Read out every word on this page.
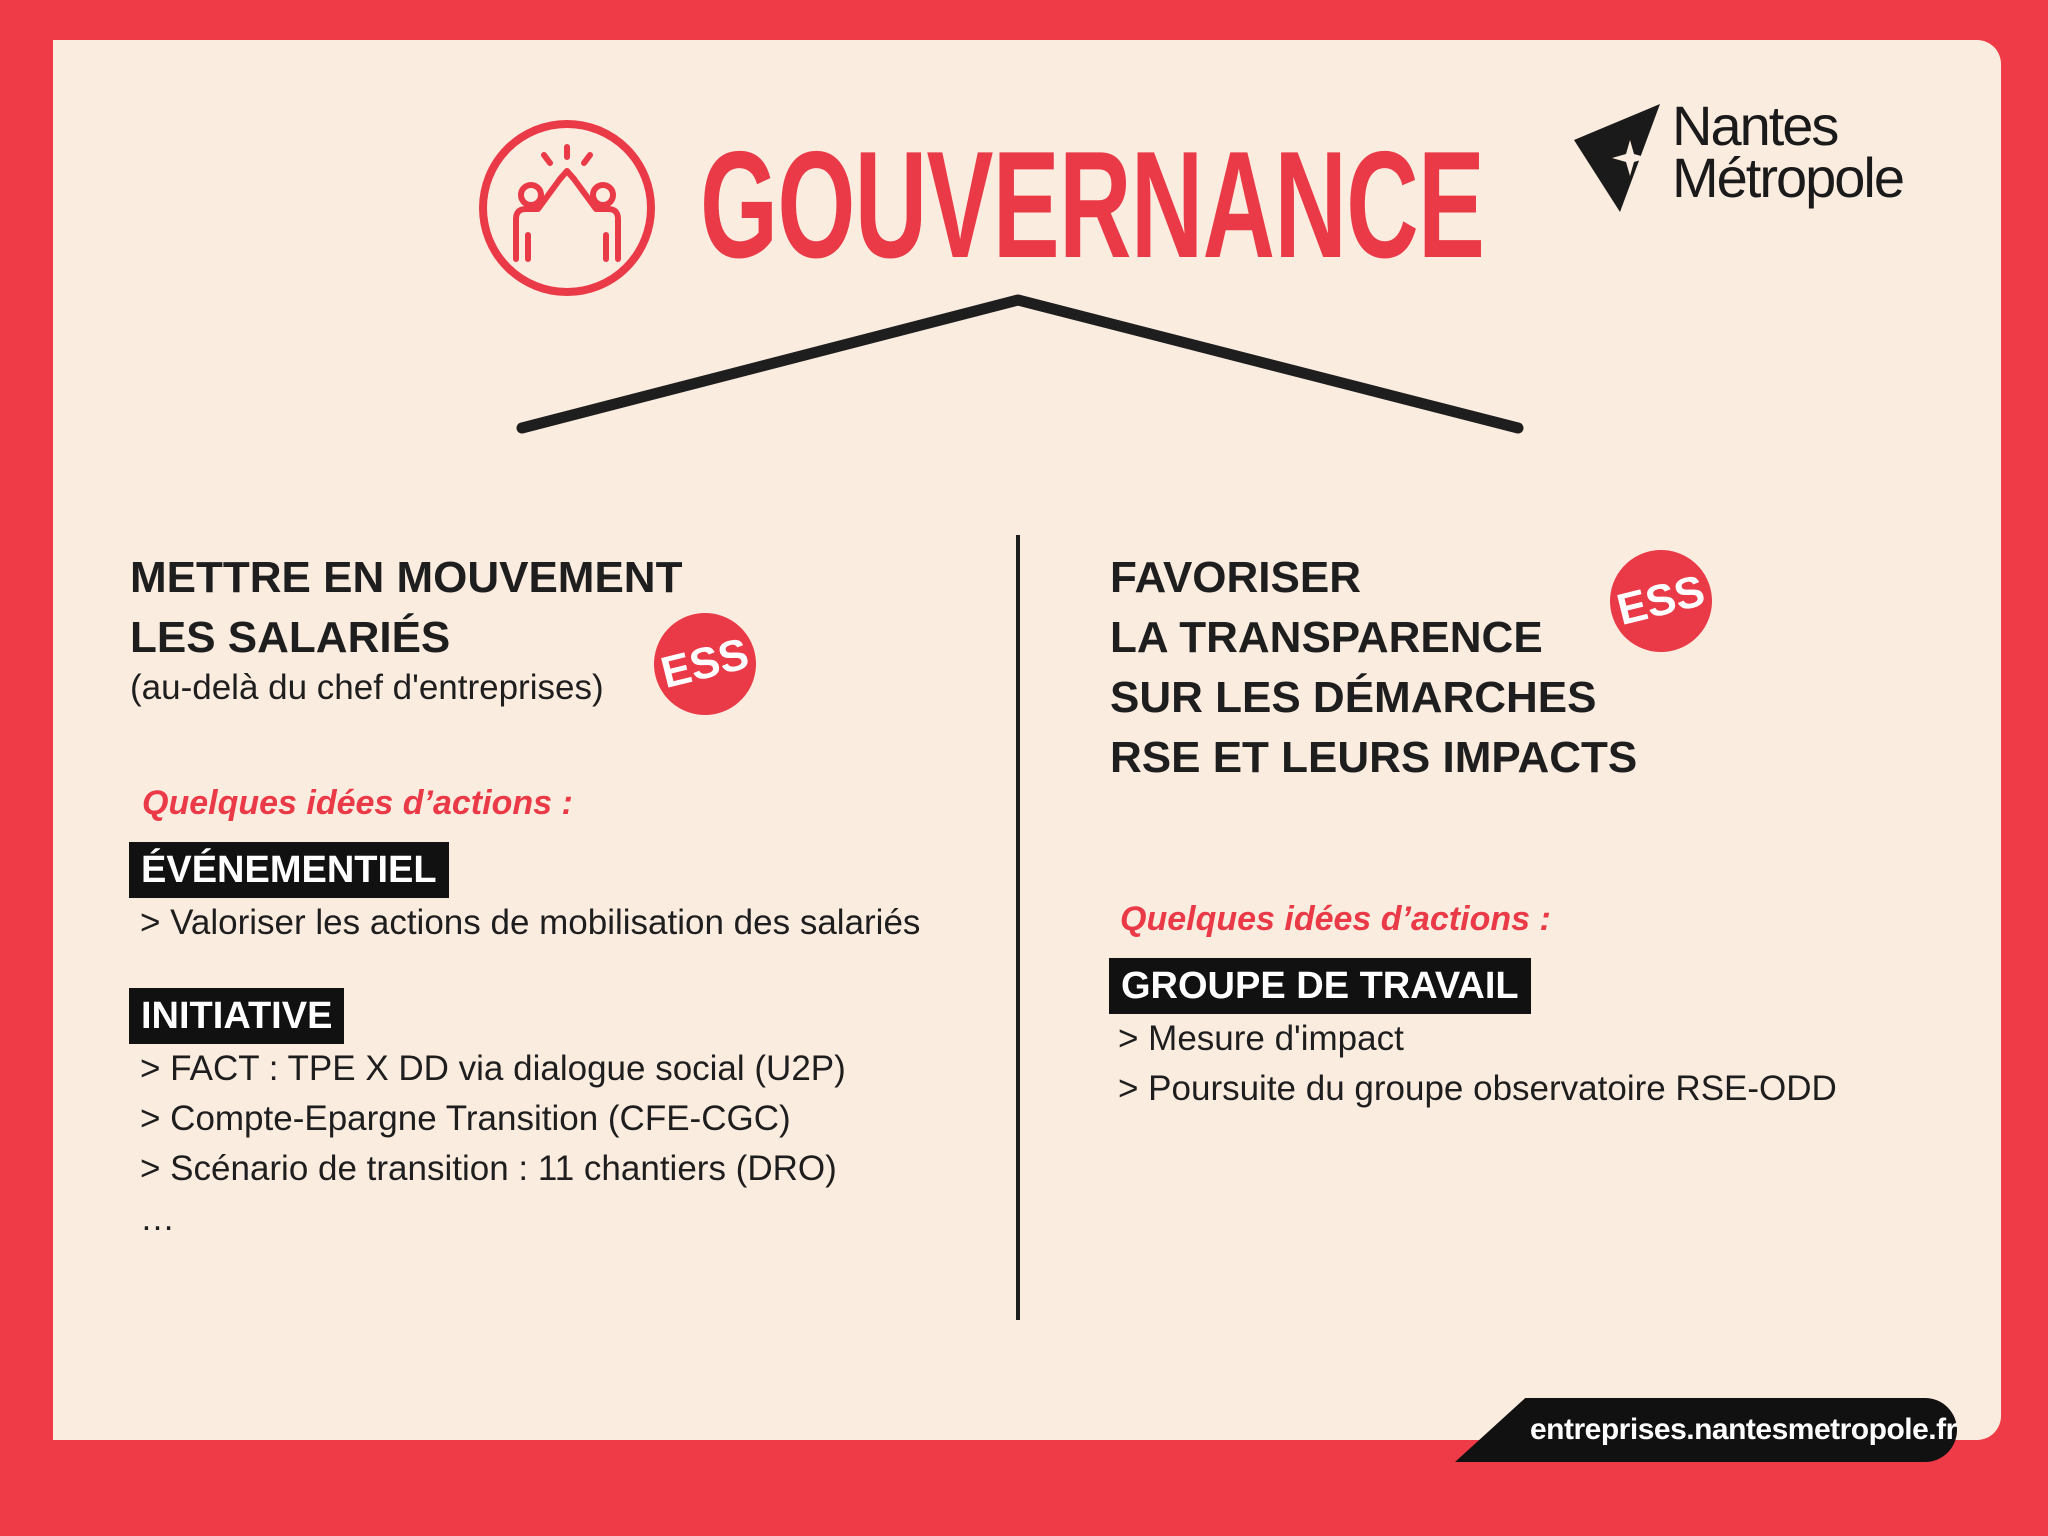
GOUVERNANCE	Nantes
Métropole
METTRE EN MOUVEMENT
LES SALARIÉS
(au-delà du chef d'entreprises) ESS
Quelques idées d’actions :
ÉVÉNEMENTIEL
> Valoriser les actions de mobilisation des salariés
INITIATIVE
> FACT : TPE X DD via dialogue social (U2P)
> Compte-Epargne Transition (CFE-CGC)
> Scénario de transition : 11 chantiers (DRO)
…
FAVORISER
LA TRANSPARENCE
SUR LES DÉMARCHES
RSE ET LEURS IMPACTS
ESS
Quelques idées d’actions :
GROUPE DE TRAVAIL
> Mesure d'impact
> Poursuite du groupe observatoire RSE-ODD
entreprises.nantesmetropole.fr
